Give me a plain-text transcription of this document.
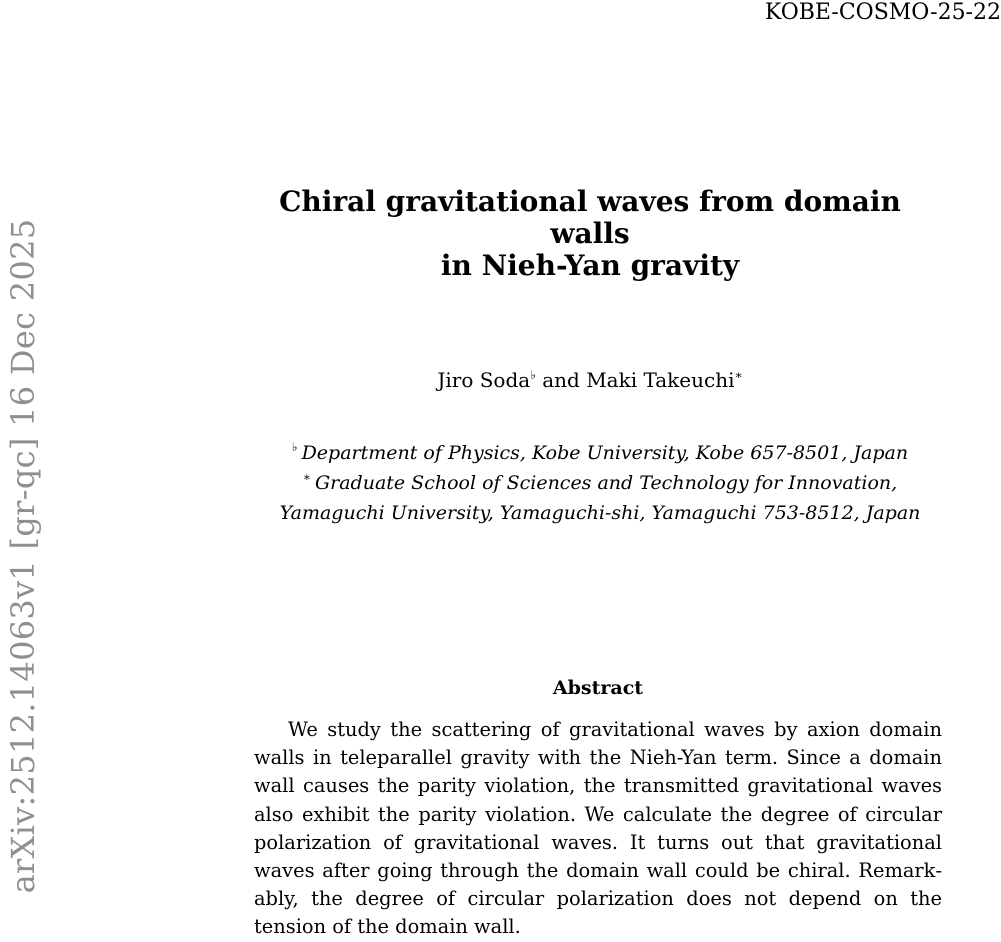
KOBE-COSMO-25-22
arXiv:2512.14063v1 [gr-qc] 16 Dec 2025
Chiral gravitational waves from domain walls
in Nieh-Yan gravity
Jiro Soda♭ and Maki Takeuchi∗
♭ Department of Physics, Kobe University, Kobe 657-8501, Japan
∗ Graduate School of Sciences and Technology for Innovation,
Yamaguchi University, Yamaguchi-shi, Yamaguchi 753-8512, Japan
Abstract

We study the scattering of gravitational waves by axion domain walls in teleparallel gravity with the Nieh-Yan term. Since a domain wall causes the parity violation, the transmitted gravitational waves also exhibit the parity violation. We calculate the degree of circular polarization of gravitational waves. It turns out that gravitational waves after going through the domain wall could be chiral. Remarkably, the degree of circular polarization does not depend on the tension of the domain wall.
